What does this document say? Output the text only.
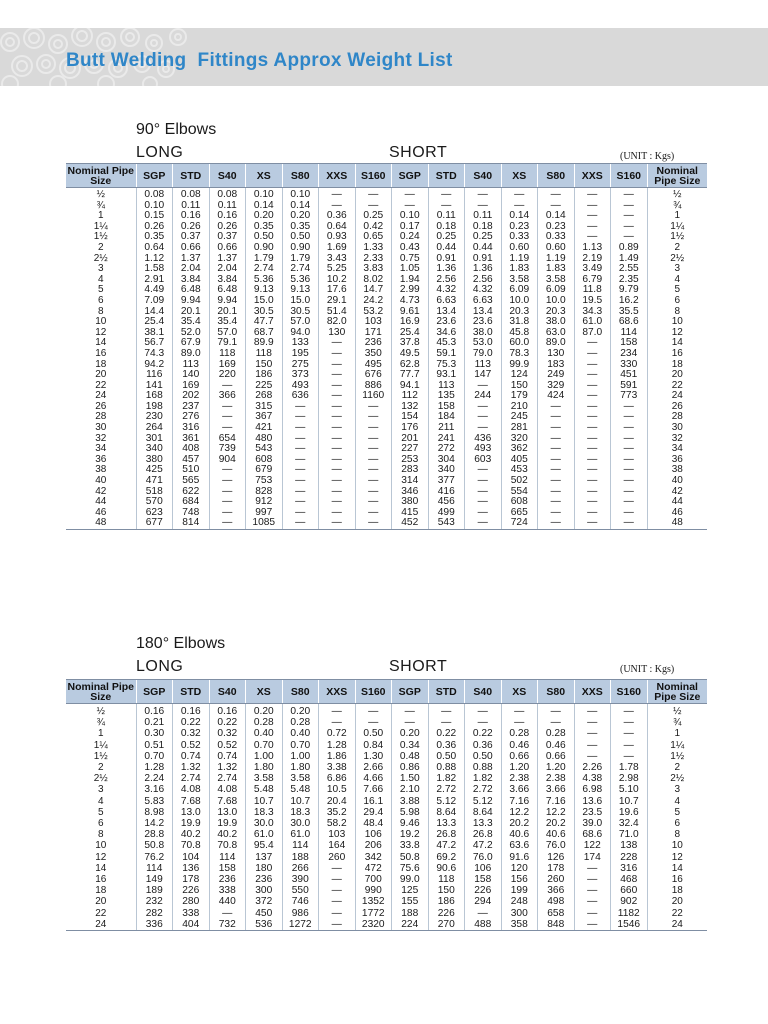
Butt Welding  Fittings Approx Weight List
90° Elbows
LONG	SHORT	(UNIT : Kgs)
Nominal Pipe Size	SGP	STD	S40	XS	S80	XXS	S160	SGP	STD	S40	XS	S80	XXS	S160	Nominal Pipe Size
½	0.08	0.08	0.08	0.10	0.10	—	—	—	—	—	—	—	—	—	½
¾	0.10	0.11	0.11	0.14	0.14	—	—	—	—	—	—	—	—	—	¾
1	0.15	0.16	0.16	0.20	0.20	0.36	0.25	0.10	0.11	0.11	0.14	0.14	—	—	1
1¼	0.26	0.26	0.26	0.35	0.35	0.64	0.42	0.17	0.18	0.18	0.23	0.23	—	—	1¼
1½	0.35	0.37	0.37	0.50	0.50	0.93	0.65	0.24	0.25	0.25	0.33	0.33	—	—	1½
2	0.64	0.66	0.66	0.90	0.90	1.69	1.33	0.43	0.44	0.44	0.60	0.60	1.13	0.89	2
2½	1.12	1.37	1.37	1.79	1.79	3.43	2.33	0.75	0.91	0.91	1.19	1.19	2.19	1.49	2½
3	1.58	2.04	2.04	2.74	2.74	5.25	3.83	1.05	1.36	1.36	1.83	1.83	3.49	2.55	3
4	2.91	3.84	3.84	5.36	5.36	10.2	8.02	1.94	2.56	2.56	3.58	3.58	6.79	2.35	4
5	4.49	6.48	6.48	9.13	9.13	17.6	14.7	2.99	4.32	4.32	6.09	6.09	11.8	9.79	5
6	7.09	9.94	9.94	15.0	15.0	29.1	24.2	4.73	6.63	6.63	10.0	10.0	19.5	16.2	6
8	14.4	20.1	20.1	30.5	30.5	51.4	53.2	9.61	13.4	13.4	20.3	20.3	34.3	35.5	8
10	25.4	35.4	35.4	47.7	57.0	82.0	103	16.9	23.6	23.6	31.8	38.0	61.0	68.6	10
12	38.1	52.0	57.0	68.7	94.0	130	171	25.4	34.6	38.0	45.8	63.0	87.0	114	12
14	56.7	67.9	79.1	89.9	133	—	236	37.8	45.3	53.0	60.0	89.0	—	158	14
16	74.3	89.0	118	118	195	—	350	49.5	59.1	79.0	78.3	130	—	234	16
18	94.2	113	169	150	275	—	495	62.8	75.3	113	99.9	183	—	330	18
20	116	140	220	186	373	—	676	77.7	93.1	147	124	249	—	451	20
22	141	169	—	225	493	—	886	94.1	113	—	150	329	—	591	22
24	168	202	366	268	636	—	1160	112	135	244	179	424	—	773	24
26	198	237	—	315	—	—	—	132	158	—	210	—	—	—	26
28	230	276	—	367	—	—	—	154	184	—	245	—	—	—	28
30	264	316	—	421	—	—	—	176	211	—	281	—	—	—	30
32	301	361	654	480	—	—	—	201	241	436	320	—	—	—	32
34	340	408	739	543	—	—	—	227	272	493	362	—	—	—	34
36	380	457	904	608	—	—	—	253	304	603	405	—	—	—	36
38	425	510	—	679	—	—	—	283	340	—	453	—	—	—	38
40	471	565	—	753	—	—	—	314	377	—	502	—	—	—	40
42	518	622	—	828	—	—	—	346	416	—	554	—	—	—	42
44	570	684	—	912	—	—	—	380	456	—	608	—	—	—	44
46	623	748	—	997	—	—	—	415	499	—	665	—	—	—	46
48	677	814	—	1085	—	—	—	452	543	—	724	—	—	—	48
180° Elbows
LONG	SHORT	(UNIT : Kgs)
Nominal Pipe Size	SGP	STD	S40	XS	S80	XXS	S160	SGP	STD	S40	XS	S80	XXS	S160	Nominal Pipe Size
½	0.16	0.16	0.16	0.20	0.20	—	—	—	—	—	—	—	—	—	½
¾	0.21	0.22	0.22	0.28	0.28	—	—	—	—	—	—	—	—	—	¾
1	0.30	0.32	0.32	0.40	0.40	0.72	0.50	0.20	0.22	0.22	0.28	0.28	—	—	1
1¼	0.51	0.52	0.52	0.70	0.70	1.28	0.84	0.34	0.36	0.36	0.46	0.46	—	—	1¼
1½	0.70	0.74	0.74	1.00	1.00	1.86	1.30	0.48	0.50	0.50	0.66	0.66	—	—	1½
2	1.28	1.32	1.32	1.80	1.80	3.38	2.66	0.86	0.88	0.88	1.20	1.20	2.26	1.78	2
2½	2.24	2.74	2.74	3.58	3.58	6.86	4.66	1.50	1.82	1.82	2.38	2.38	4.38	2.98	2½
3	3.16	4.08	4.08	5.48	5.48	10.5	7.66	2.10	2.72	2.72	3.66	3.66	6.98	5.10	3
4	5.83	7.68	7.68	10.7	10.7	20.4	16.1	3.88	5.12	5.12	7.16	7.16	13.6	10.7	4
5	8.98	13.0	13.0	18.3	18.3	35.2	29.4	5.98	8.64	8.64	12.2	12.2	23.5	19.6	5
6	14.2	19.9	19.9	30.0	30.0	58.2	48.4	9.46	13.3	13.3	20.2	20.2	39.0	32.4	6
8	28.8	40.2	40.2	61.0	61.0	103	106	19.2	26.8	26.8	40.6	40.6	68.6	71.0	8
10	50.8	70.8	70.8	95.4	114	164	206	33.8	47.2	47.2	63.6	76.0	122	138	10
12	76.2	104	114	137	188	260	342	50.8	69.2	76.0	91.6	126	174	228	12
14	114	136	158	180	266	—	472	75.6	90.6	106	120	178	—	316	14
16	149	178	236	236	390	—	700	99.0	118	158	156	260	—	468	16
18	189	226	338	300	550	—	990	125	150	226	199	366	—	660	18
20	232	280	440	372	746	—	1352	155	186	294	248	498	—	902	20
22	282	338	—	450	986	—	1772	188	226	—	300	658	—	1182	22
24	336	404	732	536	1272	—	2320	224	270	488	358	848	—	1546	24
